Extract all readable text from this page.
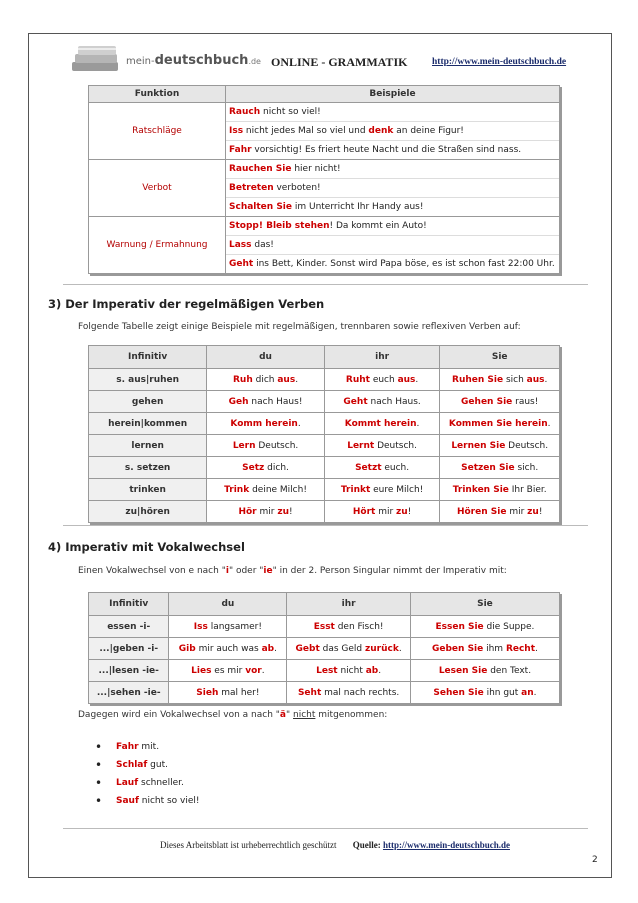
mein-deutschbuch.de ONLINE - GRAMMATIK	http://www.mein-deutschbuch.de
Funktion	Beispiele
Ratschläge	Rauch nicht so viel!
Iss nicht jedes Mal so viel und denk an deine Figur!
Fahr vorsichtig! Es friert heute Nacht und die Straßen sind nass.

Verbot	Rauchen Sie hier nicht!
Betreten verboten!
Schalten Sie im Unterricht Ihr Handy aus!

Warnung / Ermahnung	Stopp! Bleib stehen! Da kommt ein Auto!
Lass das!
Geht ins Bett, Kinder. Sonst wird Papa böse, es ist schon fast 22:00 Uhr.
3) Der Imperativ der regelmäßigen Verben
Folgende Tabelle zeigt einige Beispiele mit regelmäßigen, trennbaren sowie reflexiven Verben auf:
Infinitiv	du	ihr	Sie
s. aus|ruhen	Ruh dich aus.	Ruht euch aus.	Ruhen Sie sich aus.
gehen	Geh nach Haus!	Geht nach Haus.	Gehen Sie raus!
herein|kommen	Komm herein.	Kommt herein.	Kommen Sie herein.
lernen	Lern Deutsch.	Lernt Deutsch.	Lernen Sie Deutsch.
s. setzen	Setz dich.	Setzt euch.	Setzen Sie sich.
trinken	Trink deine Milch!	Trinkt eure Milch!	Trinken Sie Ihr Bier.
zu|hören	Hör mir zu!	Hört mir zu!	Hören Sie mir zu!
4) Imperativ mit Vokalwechsel
Einen Vokalwechsel von e nach "i" oder "ie" in der 2. Person Singular nimmt der Imperativ mit:
Infinitiv	du	ihr	Sie
essen -i-	Iss langsamer!	Esst den Fisch!	Essen Sie die Suppe.
...|geben -i-	Gib mir auch was ab.	Gebt das Geld zurück.	Geben Sie ihm Recht.
...|lesen -ie-	Lies es mir vor.	Lest nicht ab.	Lesen Sie den Text.
...|sehen -ie-	Sieh mal her!	Seht mal nach rechts.	Sehen Sie ihn gut an.
Dagegen wird ein Vokalwechsel von a nach "ä" nicht mitgenommen:
• Fahr mit.
• Schlaf gut.
• Lauf schneller.
• Sauf nicht so viel!
Dieses Arbeitsblatt ist urheberrechtlich geschützt Quelle: http://www.mein-deutschbuch.de
2
